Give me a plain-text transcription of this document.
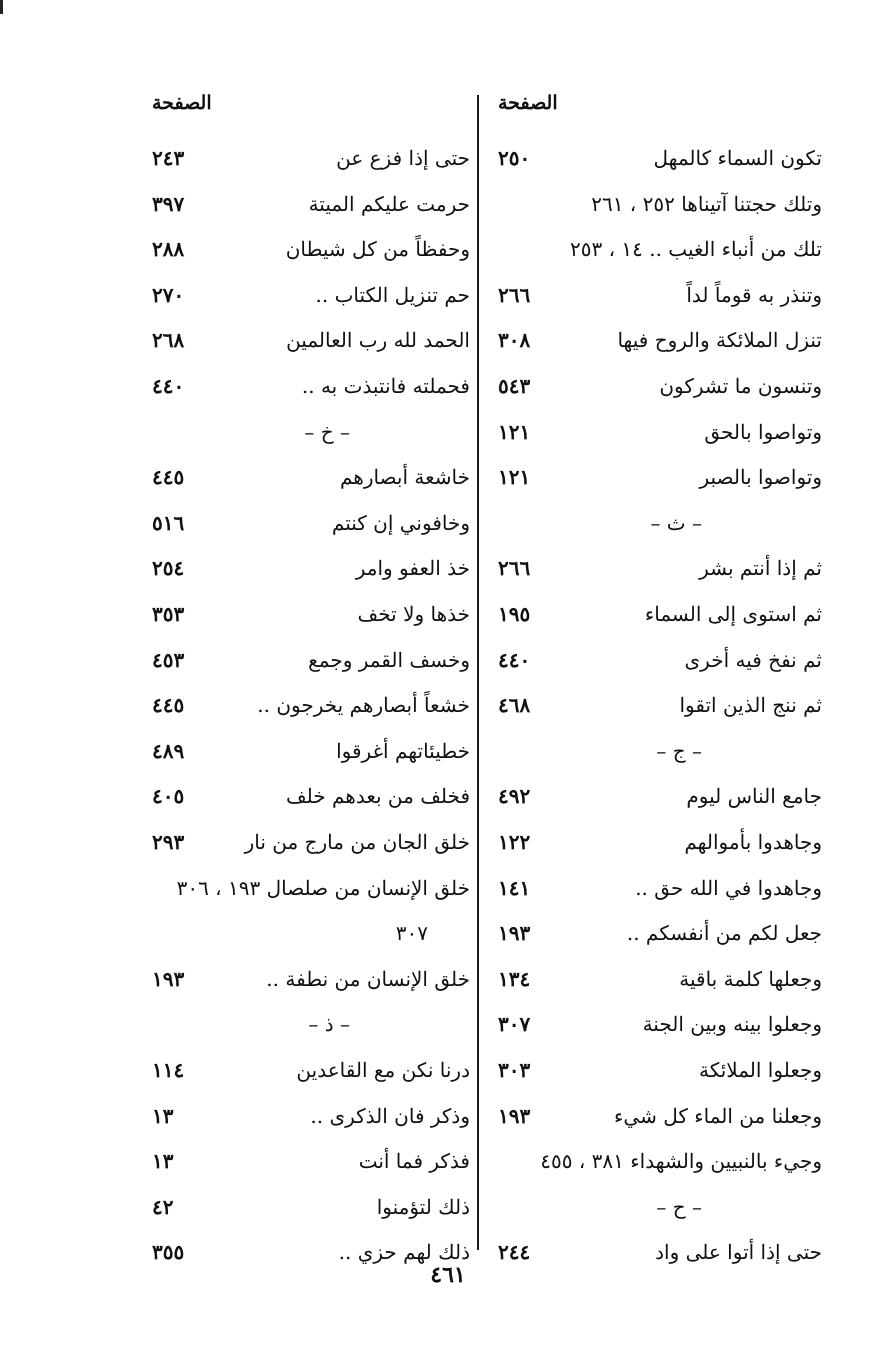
الصفحة
تكون السماء كالمهل
٢٥٠
وتلك حجتنا آتيناها ٢٥٢ ، ٢٦١
تلك من أنباء الغيب .. ١٤ ، ٢٥٣
وتنذر به قوماً لداً
٢٦٦
تنزل الملائكة والروح فيها
٣٠٨
وتنسون ما تشركون
٥٤٣
وتواصوا بالحق
١٢١
وتواصوا بالصبر
١٢١
– ث –
ثم إذا أنتم بشر
٢٦٦
ثم استوى إلى السماء
١٩٥
ثم نفخ فيه أخرى
٤٤٠
ثم ننج الذين اتقوا
٤٦٨
– ج –
جامع الناس ليوم
٤٩٢
وجاهدوا بأموالهم
١٢٢
وجاهدوا في الله حق ..
١٤١
جعل لكم من أنفسكم ..
١٩٣
وجعلها كلمة باقية
١٣٤
وجعلوا بينه وبين الجنة
٣٠٧
وجعلوا الملائكة
٣٠٣
وجعلنا من الماء كل شيء
١٩٣
وجيء بالنبيين والشهداء ٣٨١ ، ٤٥٥
– ح –
حتى إذا أتوا على واد
٢٤٤
الصفحة
حتى إذا فزع عن
٢٤٣
حرمت عليكم الميتة
٣٩٧
وحفظاً من كل شيطان
٢٨٨
حم تنزيل الكتاب ..
٢٧٠
الحمد لله رب العالمين
٢٦٨
فحملته فانتبذت به ..
٤٤٠
– خ –
خاشعة أبصارهم
٤٤٥
وخافوني إن كنتم
٥١٦
خذ العفو وامر
٢٥٤
خذها ولا تخف
٣٥٣
وخسف القمر وجمع
٤٥٣
خشعاً أبصارهم يخرجون ..
٤٤٥
خطيئاتهم أغرقوا
٤٨٩
فخلف من بعدهم خلف
٤٠٥
خلق الجان من مارج من نار
٢٩٣
خلق الإنسان من صلصال ١٩٣ ، ٣٠٦
٣٠٧
خلق الإنسان من نطفة ..
١٩٣
– ذ –
درنا نكن مع القاعدين
١١٤
وذكر فان الذكرى ..
١٣
فذكر فما أنت
١٣
ذلك لتؤمنوا
٤٢
ذلك لهم حزي ..
٣٥٥
٤٦١
